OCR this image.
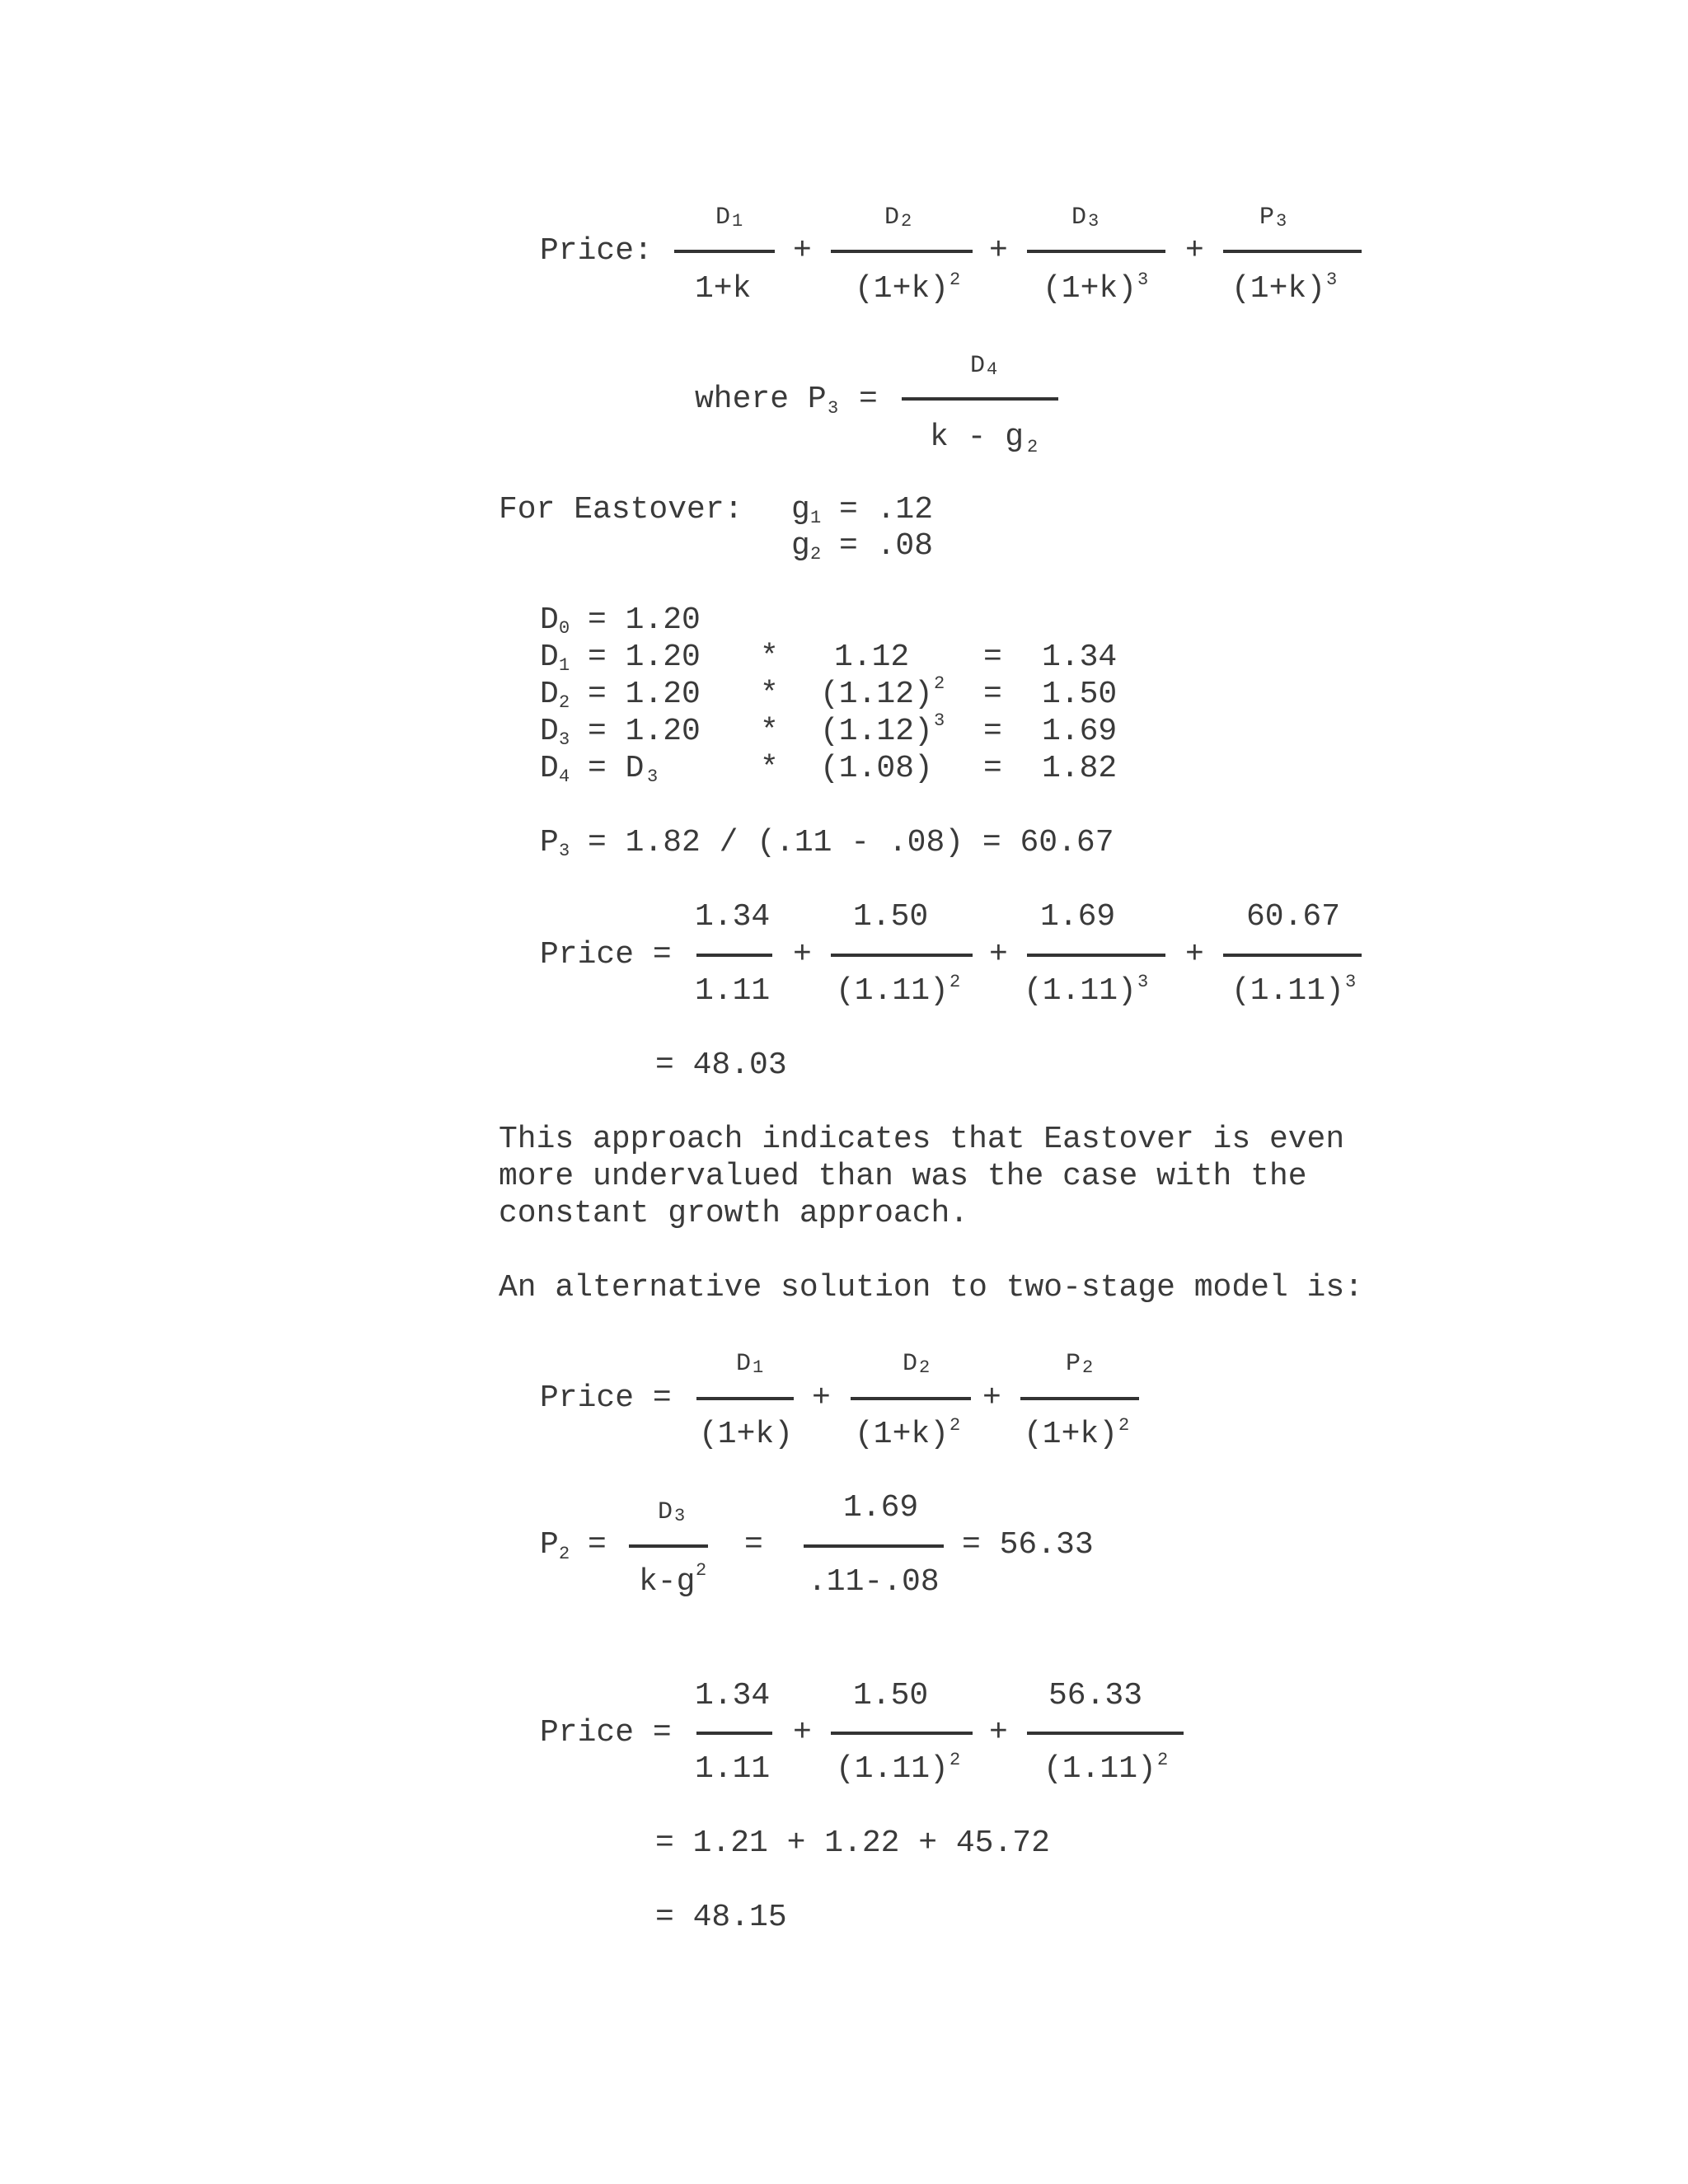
Price:
D 1
1+k
+
D 2
(1+k) 2
+
D 3
(1+k) 3
+
P 3
(1+k) 3
where P 3 =
D 4
k - g 2
For Eastover: g 1 = .12
g 2 = .08
D 0 = 1.20
D 1 = 1.20 * 1.12 = 1.34
D 2 = 1.20 * (1.12) 2 = 1.50
D 3 = 1.20 * (1.12) 3 = 1.69
D 4 = D 3	* (1.08) = 1.82
P 3 = 1.82 / (.11 - .08) = 60.67
Price =
1.34
1.11
+
1.50
(1.11) 2
+
1.69
(1.11) 3
+
60.67
(1.11) 3
= 48.03
This approach indicates that Eastover is even
more undervalued than was the case with the
constant growth approach.
An alternative solution to two-stage model is:
Price =
D 1
(1+k)
+
D 2
(1+k) 2
+
P 2
(1+k) 2
P 2 =
D 3
k-g 2
=
1.69
.11-.08
= 56.33
Price =
1.34
1.11
+
1.50
(1.11) 2
+
56.33
(1.11) 2
= 1.21 + 1.22 + 45.72
= 48.15
